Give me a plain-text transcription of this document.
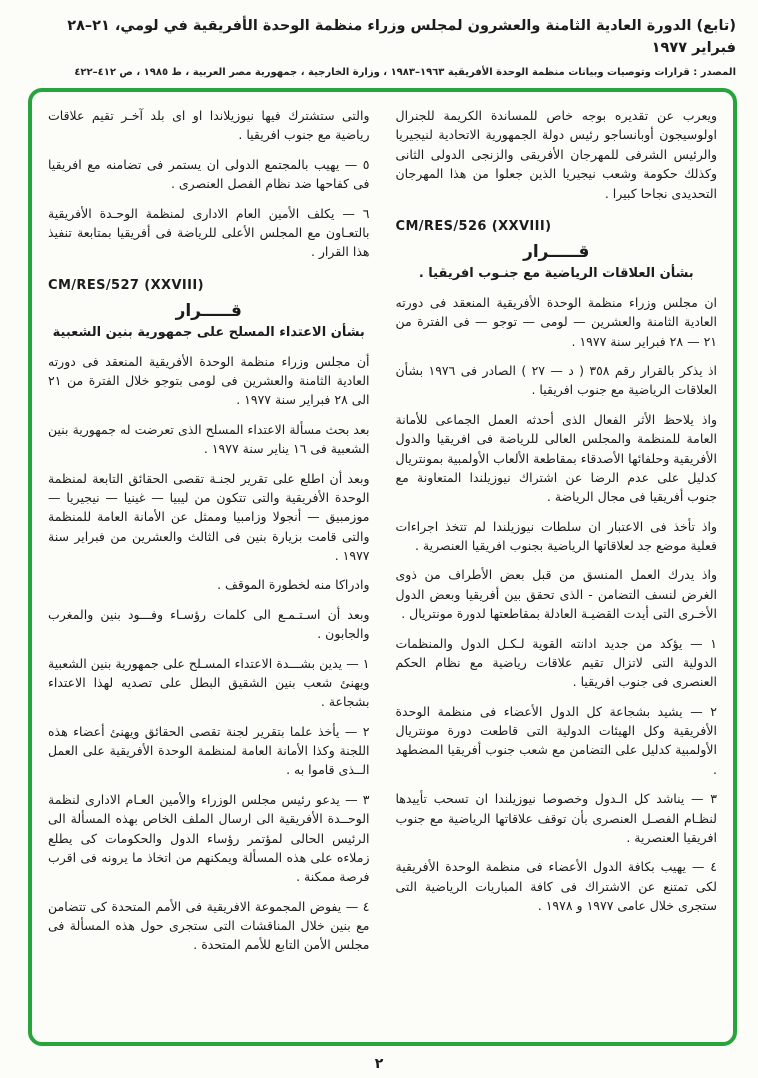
(تابع) الدورة العادية الثامنة والعشرون لمجلس وزراء منظمة الوحدة الأفريقية في لومي، ٢١–٢٨ فبراير ١٩٧٧
المصدر : قرارات وتوصيات وبيانات منظمة الوحدة الأفريقية ١٩٦٣–١٩٨٣ ، وزارة الخارجية ، جمهورية مصر العربية ، ط ١٩٨٥ ، ص ٤١٢–٤٢٢
ويعرب عن تقديره بوجه خاص للمساندة الكريمة للجنرال اولوسيجون أوبانساجو رئيس دولة الجمهورية الاتحادية لنيجيريا والرئيس الشرفى للمهرجان الأفريقى والزنجى الدولى الثانى وكذلك حكومة وشعب نيجيريا الذين جعلوا من هذا المهرجان التحديدى نجاحا كبيرا .
CM/RES/526 (XXVIII)
قـــــرار
بشأن العلاقات الرياضية مع جنـوب افريقيا .
ان مجلس وزراء منظمة الوحدة الأفريقية المنعقد فى دورته العادية الثامنة والعشرين — لومى — توجو — فى الفترة من ٢١ — ٢٨ فبراير سنة ١٩٧٧ .
اذ يذكر بالقرار رقم ٣٥٨ ( د — ٢٧ ) الصادر فى ١٩٧٦ بشأن العلاقات الرياضية مع جنوب افريقيا .
واذ يلاحظ الأثر الفعال الذى أحدثه العمل الجماعى للأمانة العامة للمنظمة والمجلس العالى للرياضة فى افريقيا والدول الأفريقية وحلفائها الأصدقاء بمقاطعة الألعاب الأولمبية بمونتريال كدليل على عدم الرضا عن اشتراك نيوزيلندا المتعاونة مع جنوب أفريقيا فى مجال الرياضة .
واذ تأخذ فى الاعتبار ان سلطات نيوزيلندا لم تتخذ اجراءات فعلية موضع جد لعلاقاتها الرياضية بجنوب افريقيا العنصرية .
واذ يدرك العمل المنسق من قبل بعض الأطراف من ذوى الغرض لنسف التضامن - الذى تحقق بين أفريقيا وبعض الدول الأخـرى التى أيدت القضيـة العادلة بمقاطعتها لدورة مونتريال .
١ — يؤكد من جديد ادانته القوية لـكـل الدول والمنظمات الدولية التى لاتزال تقيم علاقات رياضية مع نظام الحكم العنصرى فى جنوب افريقيا .
٢ — يشيد بشجاعة كل الدول الأعضاء فى منظمة الوحدة الأفريقية وكل الهيئات الدولية التى قاطعت دورة مونتريال الأولمبية كدليل على التضامن مع شعب جنوب أفريقيا المضطهد .
٣ — يناشد كل الـدول وخصوصا نيوزيلندا ان تسحب تأييدها لنظـام الفصـل العنصرى بأن توقف علاقاتها الرياضية مع جنوب افريقيا العنصرية .
٤ — يهيب بكافة الدول الأعضاء فى منظمة الوحدة الأفريقية لكى تمتنع عن الاشتراك فى كافة المباريات الرياضية التى ستجرى خلال عامى ١٩٧٧ و ١٩٧٨ .
والتى ستشترك فيها نيوزيلاندا او اى بلد آخـر تقيم علاقات رياضية مع جنوب افريقيا .
٥ — يهيب بالمجتمع الدولى ان يستمر فى تضامنه مع افريقيا فى كفاحها ضد نظام الفصل العنصرى .
٦ — يكلف الأمين العام الادارى لمنظمة الوحـدة الأفريقية بالتعـاون مع المجلس الأعلى للرياضة فى أفريقيا بمتابعة تنفيذ هذا القرار .
CM/RES/527 (XXVIII)
قـــــرار
بشأن الاعتداء المسلح على جمهورية بنين الشعبية
أن مجلس وزراء منظمة الوحدة الأفريقية المنعقد فى دورته العادية الثامنة والعشرين فى لومى بتوجو خلال الفترة من ٢١ الى ٢٨ فبراير سنة ١٩٧٧ .
بعد بحث مسألة الاعتداء المسلح الذى تعرضت له جمهورية بنين الشعبية فى ١٦ يناير سنة ١٩٧٧ .
وبعد أن اطلع على تقرير لجنـة تقصى الحقائق التابعة لمنظمة الوحدة الأفريقية والتى تتكون من ليبيا — غينيا — نيجيريا — موزمبيق — أنجولا وزامبيا وممثل عن الأمانة العامة للمنظمة والتى قامت بزيارة بنين فى الثالث والعشرين من فبراير سنة ١٩٧٧ .
وادراكا منه لخطورة الموقف .
وبعد أن اسـتـمـع الى كلمات رؤسـاء وفـــود بنين والمغرب والجابون .
١ — يدين بشـــدة الاعتداء المسـلح على جمهورية بنين الشعبية ويهنئ شعب بنين الشقيق البطل على تصديه لهذا الاعتداء بشجاعة .
٢ — يأخذ علما بتقرير لجنة تقصى الحقائق ويهنئ أعضاء هذه اللجنة وكذا الأمانة العامة لمنظمة الوحدة الأفريقية على العمل الــذى قاموا به .
٣ — يدعو رئيس مجلس الوزراء والأمين العـام الادارى لنظمة الوحــدة الأفريقية الى ارسال الملف الخاص بهذه المسألة الى الرئيس الحالى لمؤتمر رؤساء الدول والحكومات كى يطلع زملاءه على هذه المسألة ويمكنهم من اتخاذ ما يرونه فى اقرب فرصة ممكنة .
٤ — يفوض المجموعة الافريقية فى الأمم المتحدة كى تتضامن مع بنين خلال المناقشات التى ستجرى حول هذه المسألة فى مجلس الأمن التابع للأمم المتحدة .
٢
